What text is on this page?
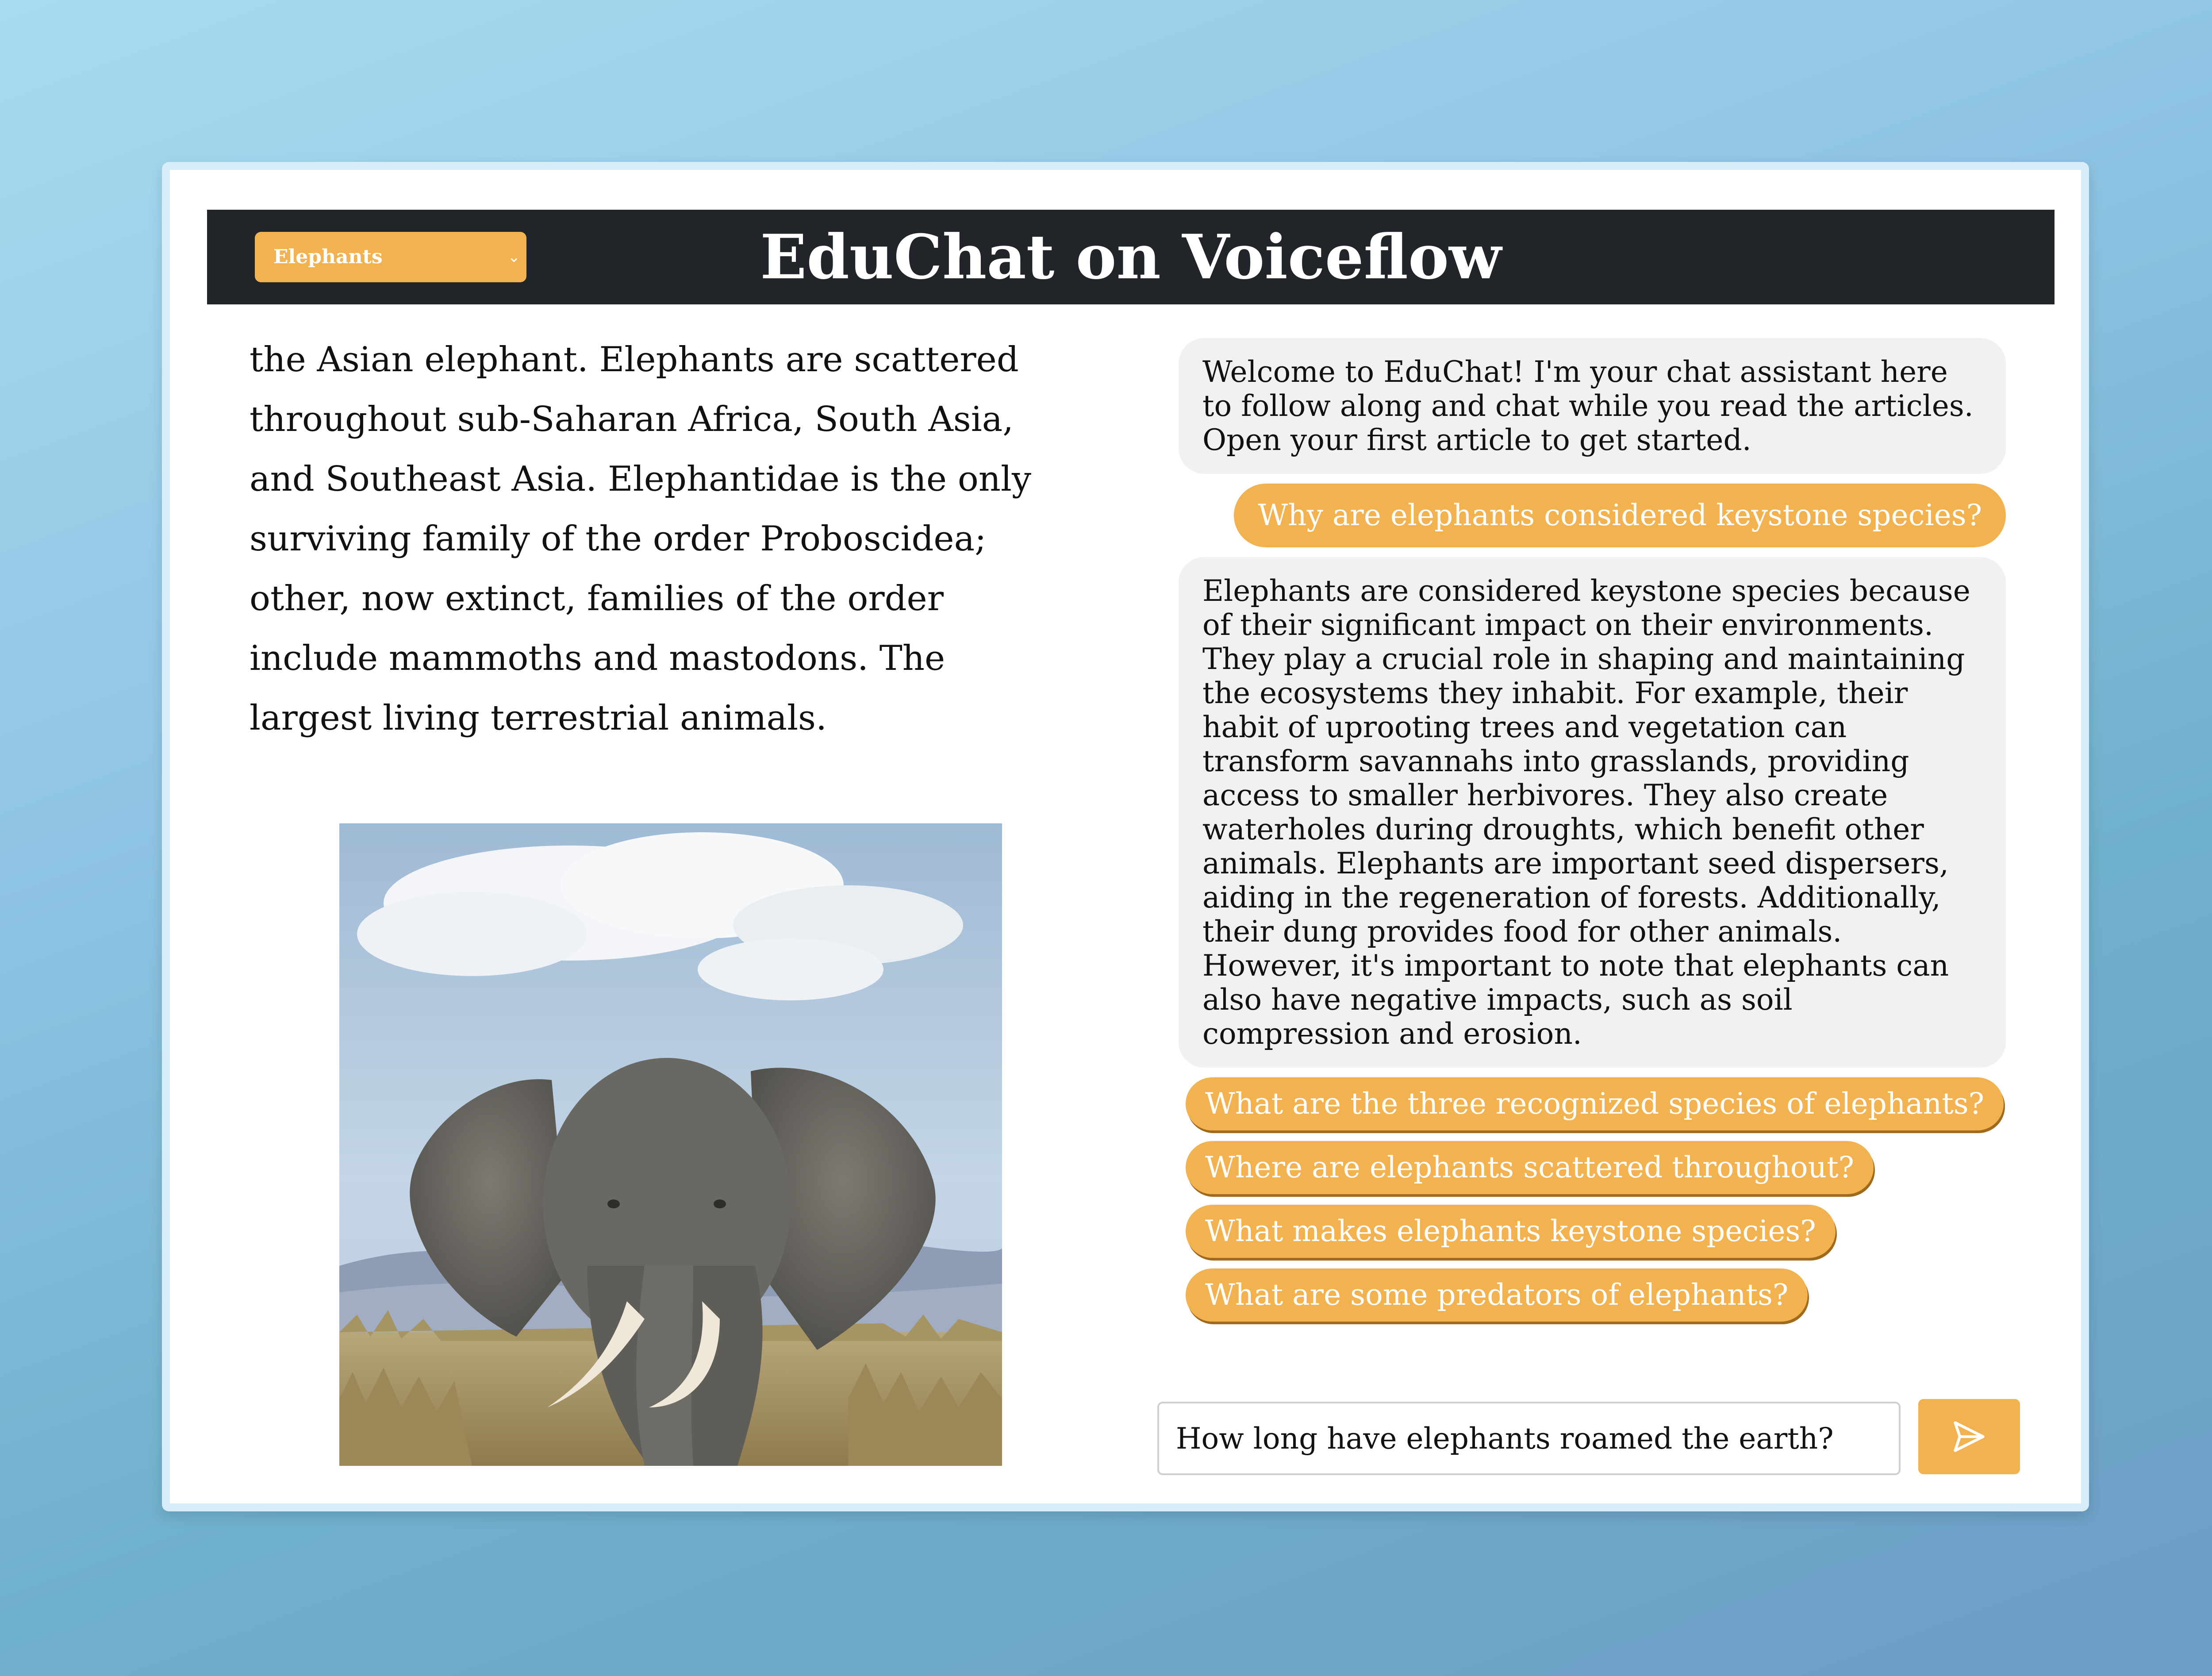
Elephants	⌄	EduChat on Voiceflow

the Asian elephant. Elephants are scattered throughout sub-Saharan Africa, South Asia, and Southeast Asia. Elephantidae is the only surviving family of the order Proboscidea; other, now extinct, families of the order include mammoths and mastodons. The largest living terrestrial animals.

Welcome to EduChat! I'm your chat assistant here to follow along and chat while you read the articles. Open your first article to get started.
Why are elephants considered keystone species?
Elephants are considered keystone species because of their significant impact on their environments. They play a crucial role in shaping and maintaining the ecosystems they inhabit. For example, their habit of uprooting trees and vegetation can transform savannahs into grasslands, providing access to smaller herbivores. They also create waterholes during droughts, which benefit other animals. Elephants are important seed dispersers, aiding in the regeneration of forests. Additionally, their dung provides food for other animals. However, it's important to note that elephants can also have negative impacts, such as soil compression and erosion.
What are the three recognized species of elephants?
Where are elephants scattered throughout?
What makes elephants keystone species?
What are some predators of elephants?
How long have elephants roamed the earth?
